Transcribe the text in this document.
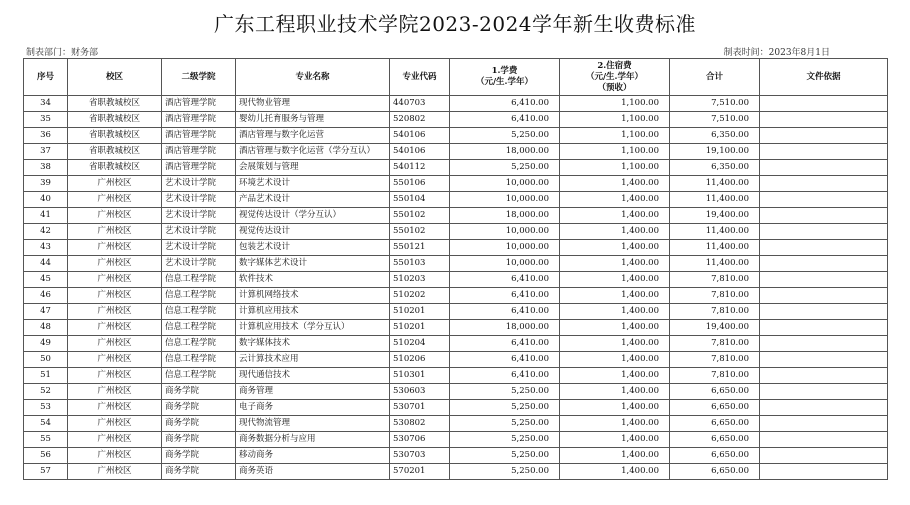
广东工程职业技术学院2023-2024学年新生收费标准
制表部门：财务部	制表时间：2023年8月1日
序号	校区	二级学院	专业名称	专业代码	1.学费
（元/生.学年）	2.住宿费
（元/生.学年）
（预收）	合计	文件依据
34	省职教城校区	酒店管理学院	现代物业管理	440703	6,410.00	1,100.00	7,510.00	
35	省职教城校区	酒店管理学院	婴幼儿托育服务与管理	520802	6,410.00	1,100.00	7,510.00	
36	省职教城校区	酒店管理学院	酒店管理与数字化运营	540106	5,250.00	1,100.00	6,350.00	
37	省职教城校区	酒店管理学院	酒店管理与数字化运营（学分互认）	540106	18,000.00	1,100.00	19,100.00	
38	省职教城校区	酒店管理学院	会展策划与管理	540112	5,250.00	1,100.00	6,350.00	
39	广州校区	艺术设计学院	环境艺术设计	550106	10,000.00	1,400.00	11,400.00	
40	广州校区	艺术设计学院	产品艺术设计	550104	10,000.00	1,400.00	11,400.00	
41	广州校区	艺术设计学院	视觉传达设计（学分互认）	550102	18,000.00	1,400.00	19,400.00	
42	广州校区	艺术设计学院	视觉传达设计	550102	10,000.00	1,400.00	11,400.00	
43	广州校区	艺术设计学院	包装艺术设计	550121	10,000.00	1,400.00	11,400.00	
44	广州校区	艺术设计学院	数字媒体艺术设计	550103	10,000.00	1,400.00	11,400.00	
45	广州校区	信息工程学院	软件技术	510203	6,410.00	1,400.00	7,810.00	
46	广州校区	信息工程学院	计算机网络技术	510202	6,410.00	1,400.00	7,810.00	
47	广州校区	信息工程学院	计算机应用技术	510201	6,410.00	1,400.00	7,810.00	
48	广州校区	信息工程学院	计算机应用技术（学分互认）	510201	18,000.00	1,400.00	19,400.00	
49	广州校区	信息工程学院	数字媒体技术	510204	6,410.00	1,400.00	7,810.00	
50	广州校区	信息工程学院	云计算技术应用	510206	6,410.00	1,400.00	7,810.00	
51	广州校区	信息工程学院	现代通信技术	510301	6,410.00	1,400.00	7,810.00	
52	广州校区	商务学院	商务管理	530603	5,250.00	1,400.00	6,650.00	
53	广州校区	商务学院	电子商务	530701	5,250.00	1,400.00	6,650.00	
54	广州校区	商务学院	现代物流管理	530802	5,250.00	1,400.00	6,650.00	
55	广州校区	商务学院	商务数据分析与应用	530706	5,250.00	1,400.00	6,650.00	
56	广州校区	商务学院	移动商务	530703	5,250.00	1,400.00	6,650.00	
57	广州校区	商务学院	商务英语	570201	5,250.00	1,400.00	6,650.00	
